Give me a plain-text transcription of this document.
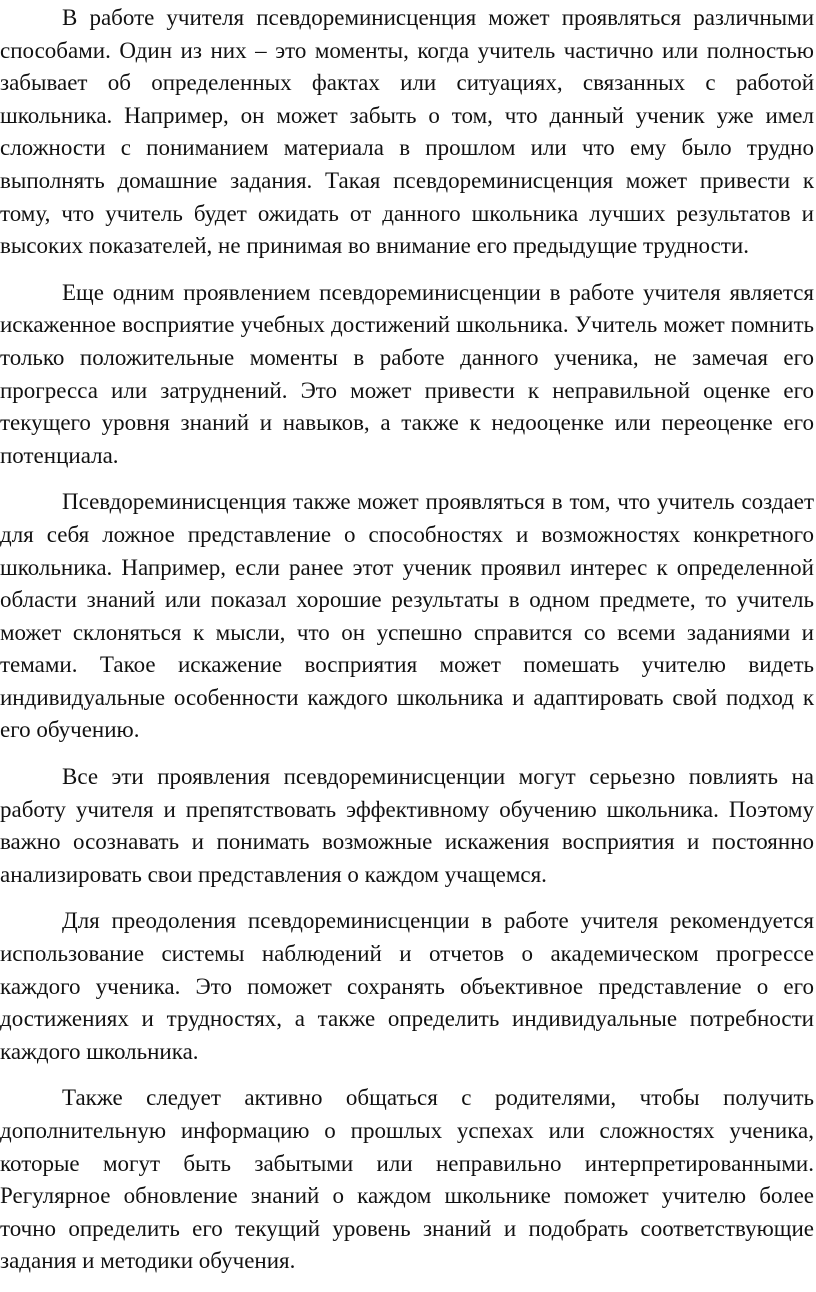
В работе учителя псевдореминисценция может проявляться различными способами. Один из них – это моменты, когда учитель частично или полностью забывает об определенных фактах или ситуациях, связанных с работой школьника. Например, он может забыть о том, что данный ученик уже имел сложности с пониманием материала в прошлом или что ему было трудно выполнять домашние задания. Такая псевдореминисценция может привести к тому, что учитель будет ожидать от данного школьника лучших результатов и высоких показателей, не принимая во внимание его предыдущие трудности.

Еще одним проявлением псевдореминисценции в работе учителя является искаженное восприятие учебных достижений школьника. Учитель может помнить только положительные моменты в работе данного ученика, не замечая его прогресса или затруднений. Это может привести к неправильной оценке его текущего уровня знаний и навыков, а также к недооценке или переоценке его потенциала.

Псевдореминисценция также может проявляться в том, что учитель создает для себя ложное представление о способностях и возможностях конкретного школьника. Например, если ранее этот ученик проявил интерес к определенной области знаний или показал хорошие результаты в одном предмете, то учитель может склоняться к мысли, что он успешно справится со всеми заданиями и темами. Такое искажение восприятия может помешать учителю видеть индивидуальные особенности каждого школьника и адаптировать свой подход к его обучению.

Все эти проявления псевдореминисценции могут серьезно повлиять на работу учителя и препятствовать эффективному обучению школьника. Поэтому важно осознавать и понимать возможные искажения восприятия и постоянно анализировать свои представления о каждом учащемся.

Для преодоления псевдореминисценции в работе учителя рекомендуется использование системы наблюдений и отчетов о академическом прогрессе каждого ученика. Это поможет сохранять объективное представление о его достижениях и трудностях, а также определить индивидуальные потребности каждого школьника.

Также следует активно общаться с родителями, чтобы получить дополнительную информацию о прошлых успехах или сложностях ученика, которые могут быть забытыми или неправильно интерпретированными. Регулярное обновление знаний о каждом школьнике поможет учителю более точно определить его текущий уровень знаний и подобрать соответствующие задания и методики обучения.
